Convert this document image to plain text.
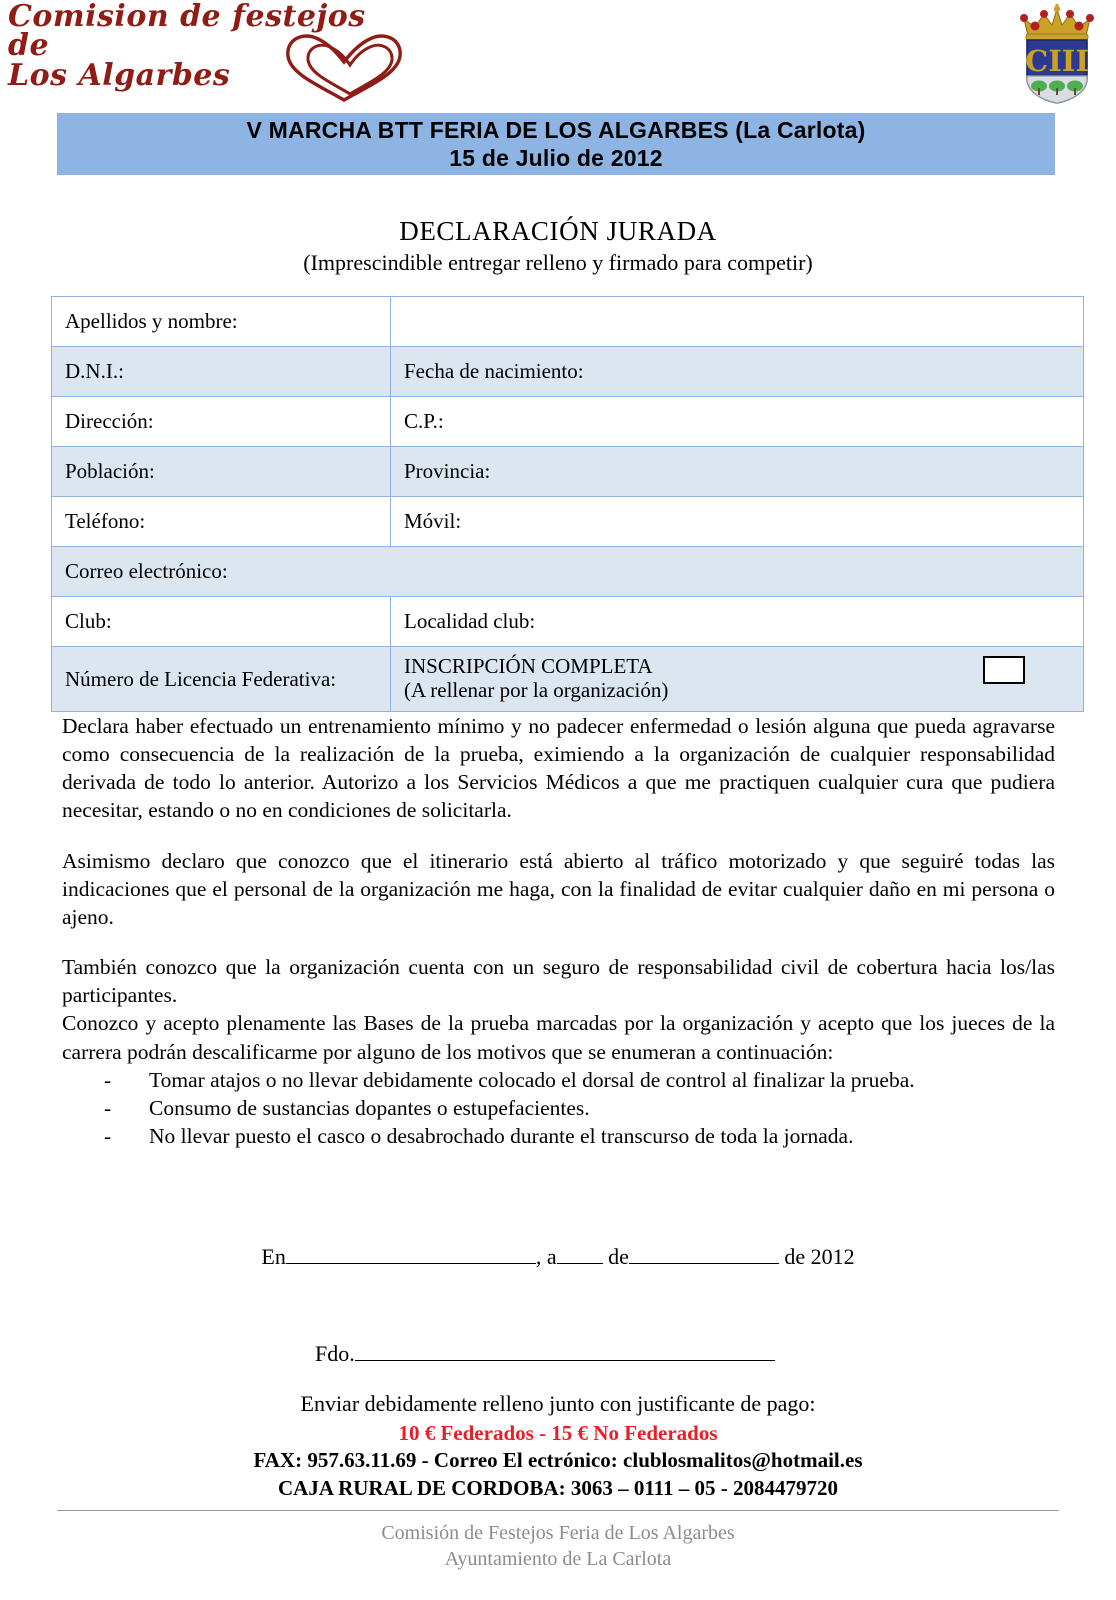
Comision de festejos
de
Los Algarbes	CIII
V MARCHA BTT FERIA DE LOS ALGARBES (La Carlota)
15 de Julio de 2012
DECLARACIÓN JURADA
(Imprescindible entregar relleno y firmado para competir)
Apellidos y nombre:	
D.N.I.:	Fecha de nacimiento:
Dirección:	C.P.:
Población:	Provincia:
Teléfono:	Móvil:
Correo electrónico:	
Club:	Localidad club:
Número de Licencia Federativa:	INSCRIPCIÓN COMPLETA
(A rellenar por la organización)

Declara haber efectuado un entrenamiento mínimo y no padecer enfermedad o lesión alguna que pueda agravarse como consecuencia de la realización de la prueba, eximiendo a la organización de cualquier responsabilidad derivada de todo lo anterior. Autorizo a los Servicios Médicos a que me practiquen cualquier cura que pudiera necesitar, estando o no en condiciones de solicitarla.

Asimismo declaro que conozco que el itinerario está abierto al tráfico motorizado y que seguiré todas las indicaciones que el personal de la organización me haga, con la finalidad de evitar cualquier daño en mi persona o ajeno.

También conozco que la organización cuenta con un seguro de responsabilidad civil de cobertura hacia los/las participantes.

Conozco y acepto plenamente las Bases de la prueba marcadas por la organización y acepto que los jueces de la carrera podrán descalificarme por alguno de los motivos que se enumeran a continuación:

- Tomar atajos o no llevar debidamente colocado el dorsal de control al finalizar la prueba.
- Consumo de sustancias dopantes o estupefacientes.
- No llevar puesto el casco o desabrochado durante el transcurso de toda la jornada.
En	, a de	de 2012
Fdo.
Enviar debidamente relleno junto con justificante de pago:
10 € Federados - 15 € No Federados
FAX: 957.63.11.69 - Correo El ectrónico: clublosmalitos@hotmail.es
CAJA RURAL DE CORDOBA: 3063 – 0111 – 05 - 2084479720
Comisión de Festejos Feria de Los Algarbes
Ayuntamiento de La Carlota
